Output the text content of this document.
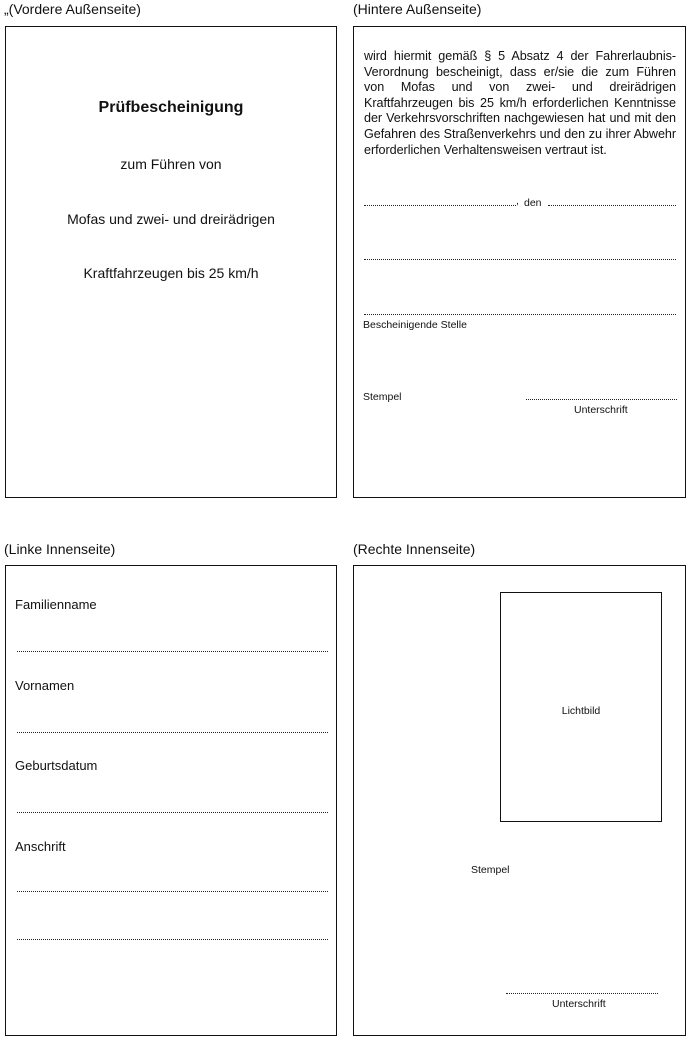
„(Vordere Außenseite)	(Hintere Außenseite)
(Linke Innenseite)	(Rechte Innenseite)
Prüfbescheinigung
zum Führen von
Mofas und zwei- und dreirädrigen
Kraftfahrzeugen bis 25 km/h
wird hiermit gemäß § 5 Absatz 4 der Fahrerlaubnis-Verordnung bescheinigt, dass er/sie die zum Führen von Mofas und von zwei- und dreirädrigen Kraftfahrzeugen bis 25 km/h erforderlichen Kenntnisse der Verkehrsvorschriften nachgewiesen hat und mit den Gefahren des Straßenverkehrs und den zu ihrer Abwehr erforderlichen Verhaltensweisen vertraut ist.
, den
Bescheinigende Stelle
Stempel
Unterschrift
Familienname
Vornamen
Geburtsdatum
Anschrift
Lichtbild
Stempel
Unterschrift
